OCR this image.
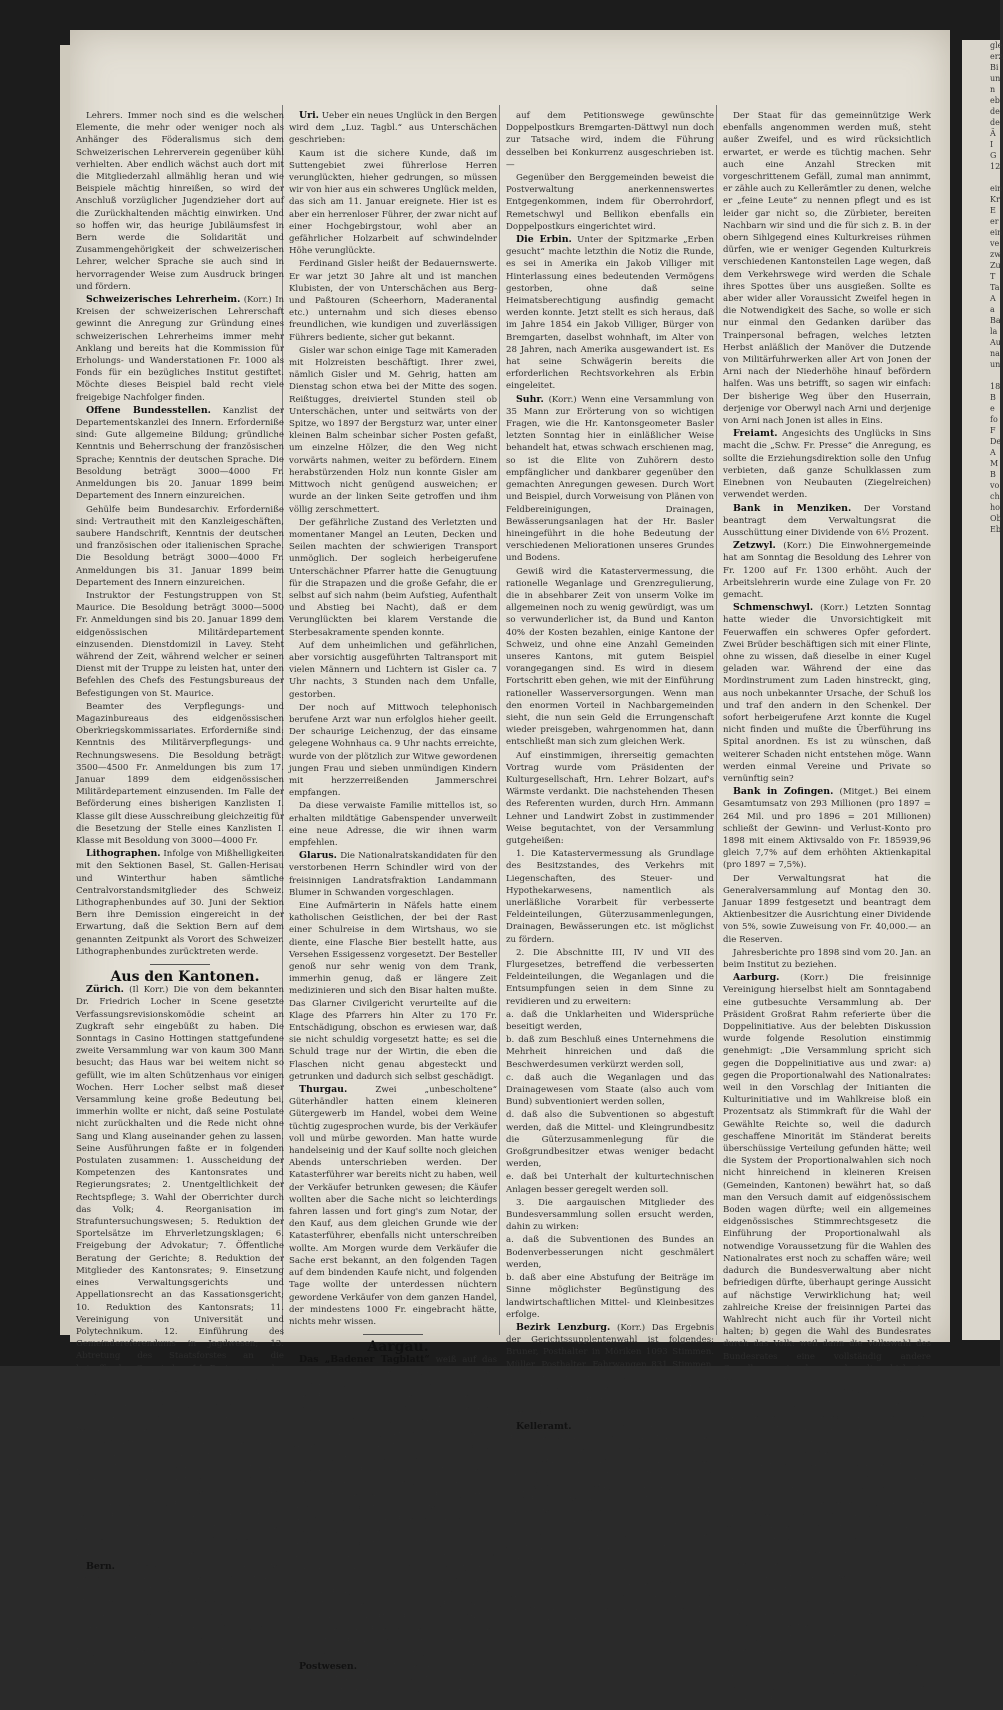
Lehrers. Immer noch sind es die welschen Elemente, die mehr oder weniger noch als Anhänger des Föderalismus sich dem Schweizerischen Lehrerverein gegenüber kühl verhielten. Aber endlich wächst auch dort mit die Mitgliederzahl allmählig heran und wie Beispiele mächtig hinreißen, so wird der Anschluß vorzüglicher Jugendzieher dort auf die Zurückhaltenden mächtig einwirken. Und so hoffen wir, das heurige Jubiläumsfest in Bern werde die Solidarität und Zusammengehörigkeit der schweizerischen Lehrer, welcher Sprache sie auch sind in hervorragender Weise zum Ausdruck bringen und fördern.

Schweizerisches Lehrerheim. (Korr.) In Kreisen der schweizerischen Lehrerschaft gewinnt die Anregung zur Gründung eines schweizerischen Lehrerheims immer mehr Anklang und bereits hat die Kommission für Erholungs- und Wanderstationen Fr. 1000 als Fonds für ein bezügliches Institut gestiftet. Möchte dieses Beispiel bald recht viele freigebige Nachfolger finden.

Offene Bundesstellen. Kanzlist der Departementskanzlei des Innern. Erforderniße sind: Gute allgemeine Bildung; gründliche Kenntnis und Beherrschung der französischen Sprache; Kenntnis der deutschen Sprache. Die Besoldung beträgt 3000—4000 Fr. Anmeldungen bis 20. Januar 1899 beim Departement des Innern einzureichen.

Gehülfe beim Bundesarchiv. Erforderniße sind: Vertrautheit mit den Kanzleigeschäften, saubere Handschrift, Kenntnis der deutschen und französischen oder italienischen Sprache. Die Besoldung beträgt 3000—4000 Fr. Anmeldungen bis 31. Januar 1899 beim Departement des Innern einzureichen.

Instruktor der Festungstruppen von St. Maurice. Die Besoldung beträgt 3000—5000 Fr. Anmeldungen sind bis 20. Januar 1899 dem eidgenössischen Militärdepartement einzusenden. Dienstdomizil in Lavey. Steht während der Zeit, während welcher er seinen Dienst mit der Truppe zu leisten hat, unter den Befehlen des Chefs des Festungsbureaus der Befestigungen von St. Maurice.

Beamter des Verpflegungs- und Magazinbureaus des eidgenössischen Oberkriegskommissariates. Erforderniße sind: Kenntnis des Militärverpflegungs- und Rechnungswesens. Die Besoldung beträgt: 3500—4500 Fr. Anmeldungen bis zum 17. Januar 1899 dem eidgenössischen Militärdepartement einzusenden. Im Falle der Beförderung eines bisherigen Kanzlisten I. Klasse gilt diese Ausschreibung gleichzeitig für die Besetzung der Stelle eines Kanzlisten I. Klasse mit Besoldung von 3000—4000 Fr.

Lithographen. Infolge von Mißhelligkeiten mit den Sektionen Basel, St. Gallen-Herisau und Winterthur haben sämtliche Centralvorstandsmitglieder des Schweiz. Lithographenbundes auf 30. Juni der Sektion Bern ihre Demission eingereicht in der Erwartung, daß die Sektion Bern auf dem genannten Zeitpunkt als Vorort des Schweizer. Lithographenbundes zurücktreten werde.

Aus den Kantonen.

Zürich. (Il Korr.) Die von dem bekannten Dr. Friedrich Locher in Scene gesetzte Verfassungsrevisionskomödie scheint an Zugkraft sehr eingebüßt zu haben. Die Sonntags in Casino Hottingen stattgefundene zweite Versammlung war von kaum 300 Mann besucht; das Haus war bei weitem nicht so gefüllt, wie im alten Schützenhaus vor einigen Wochen. Herr Locher selbst maß dieser Versammlung keine große Bedeutung bei, immerhin wollte er nicht, daß seine Postulate nicht zurückhalten und die Rede nicht ohne Sang und Klang auseinander gehen zu lassen. Seine Ausführungen faßte er in folgenden Postulaten zusammen: 1. Ausscheidung der Kompetenzen des Kantonsrates und Regierungsrates; 2. Unentgeltlichkeit der Rechtspflege; 3. Wahl der Oberrichter durch das Volk; 4. Reorganisation im Strafuntersuchungswesen; 5. Reduktion der Sportelsätze im Ehrverletzungsklagen; 6. Freigebung der Advokatur; 7. Öffentliche Beratung der Gerichte; 8. Reduktion der Mitglieder des Kantonsrates; 9. Einsetzung eines Verwaltungsgerichts und Appellationsrecht an das Kassationsgericht; 10. Reduktion des Kantonsrats; 11. Vereinigung von Universität und Polytechnikum. 12. Einführung des Gemeindereferendums in Jagdwesen; 13. Abtretung des Staatsforstes an die betreffenden Gemeinden; 14. Besteuerung des Grundeigentums zu 6% des Wertes; 15. Abschaffung der Bezirksräte.

Die Wahl des Ausschusses für die Initiativarbeit wurde auf eine dritte Versammlung verschoben.

Gewiß läßt sich über den einen oder andern Punkt reden, aber gegenwärtig fühlt man im Zürcher Volk noch zu wenig Bedürfnis für eine Änderung der Verfassung und am allerwenigsten von der Seite, von der sie jetzt angestrebt wird. Daß Herr Locher hat sich mit seinem Erfolg von 1867 verrechnet. Die Leute, die ihn zum Unglück an den Versammlungen zu sekundieren pflegen, genießen wirklich das Zutrauen nicht, das seinige Zutrauen.

Bern. Inkwyl. Die ausgedehnten Besitzungen des verstorbenen Schriftsteller Joh. von Minkwitz, Reichsgraf von Minkwitzburg, Fürst von Inkwyl (Pseudonym: Freiherr von Wellenstein), Abkömmling der Grafen von Inkwyl, deren Stammsitz in Sachsen, hat dessen Ortsvorstand um ein Neujahrsgeschenk von 200 Mark in Gold gesandt zu angemessener Verwendung.

Uri. Ueber ein neues Unglück in den Bergen wird dem „Luz. Tagbl.“ aus Unterschächen geschrieben:

Kaum ist die sichere Kunde, daß im Suttengebiet zwei führerlose Herren verunglückten, hieher gedrungen, so müssen wir von hier aus ein schweres Unglück melden, das sich am 11. Januar ereignete. Hier ist es aber ein herrenloser Führer, der zwar nicht auf einer Hochgebirgstour, wohl aber an gefährlicher Holzarbeit auf schwindelnder Höhe verunglückte.

Ferdinand Gisler heißt der Bedauernswerte. Er war jetzt 30 Jahre alt und ist manchen Klubisten, der von Unterschächen aus Berg- und Paßtouren (Scheerhorn, Maderanental etc.) unternahm und sich dieses ebenso freundlichen, wie kundigen und zuverlässigen Führers bediente, sicher gut bekannt.

Gisler war schon einige Tage mit Kameraden mit Holzreisten beschäftigt. Ihrer zwei, nämlich Gisler und M. Gehrig, hatten am Dienstag schon etwa bei der Mitte des sogen. Reißtugges, dreiviertel Stunden steil ob Unterschächen, unter und seitwärts von der Spitze, wo 1897 der Bergsturz war, unter einer kleinen Balm scheinbar sicher Posten gefaßt, um einzelne Hölzer, die den Weg nicht vorwärts nahmen, weiter zu befördern. Einem herabstürzenden Holz nun konnte Gisler am Mittwoch nicht genügend ausweichen; er wurde an der linken Seite getroffen und ihm völlig zerschmettert.

Der gefährliche Zustand des Verletzten und momentaner Mangel an Leuten, Decken und Seilen machten der schwierigen Transport unmöglich. Der sogleich herbeigerufene Unterschächner Pfarrer hatte die Genugtuung für die Strapazen und die große Gefahr, die er selbst auf sich nahm (beim Aufstieg, Aufenthalt und Abstieg bei Nacht), daß er dem Verunglückten bei klarem Verstande die Sterbesakramente spenden konnte.

Auf dem unheimlichen und gefährlichen, aber vorsichtig ausgeführten Taltransport mit vielen Männern und Lichtern ist Gisler ca. 7 Uhr nachts, 3 Stunden nach dem Unfalle, gestorben.

Der noch auf Mittwoch telephonisch berufene Arzt war nun erfolglos hieher geeilt. Der schaurige Leichenzug, der das einsame gelegene Wohnhaus ca. 9 Uhr nachts erreichte, wurde von der plötzlich zur Witwe gewordenen jungen Frau und sieben unmündigen Kindern mit herzzerreißenden Jammerschrei empfangen.

Da diese verwaiste Familie mittellos ist, so erhalten mildtätige Gabenspender unverweilt eine neue Adresse, die wir ihnen warm empfehlen.

Glarus. Die Nationalratskandidaten für den verstorbenen Herrn Schindler wird von der freisinnigen Landratsfraktion Landammann Blumer in Schwanden vorgeschlagen.

Eine Aufmärterin in Näfels hatte einem katholischen Geistlichen, der bei der Rast einer Schulreise in dem Wirtshaus, wo sie diente, eine Flasche Bier bestellt hatte, aus Versehen Essigessenz vorgesetzt. Der Besteller genoß nur sehr wenig von dem Trank, immerhin genug, daß er längere Zeit medizinieren und sich den Bisar halten mußte. Das Glarner Civilgericht verurteilte auf die Klage des Pfarrers hin Alter zu 170 Fr. Entschädigung, obschon es erwiesen war, daß sie nicht schuldig vorgesetzt hatte; es sei die Schuld trage nur der Wirtin, die eben die Flaschen nicht genau abgesteckt und getrunken und dadurch sich selbst geschädigt.

Thurgau.	Zwei „unbescholtene“ Güterhändler hatten einem kleineren Gütergewerb im Handel, wobei dem Weine tüchtig zugesprochen wurde, bis der Verkäufer voll und mürbe geworden. Man hatte wurde handelseinig und der Kauf sollte noch gleichen Abends unterschrieben werden. Der Katasterführer war bereits nicht zu haben, weil der Verkäufer betrunken gewesen; die Käufer wollten aber die Sache nicht so leichterdings fahren lassen und fort ging's zum Notar, der den Kauf, aus dem gleichen Grunde wie der Katasterführer, ebenfalls nicht unterschreiben wollte. Am Morgen wurde dem Verkäufer die Sache erst bekannt, an den folgenden Tagen auf dem bindenden Kaufe nicht, und folgenden Tage wollte der unterdessen nüchtern gewordene Verkäufer von dem ganzen Handel, der mindestens 1000 Fr. eingebracht hätte, nichts mehr wissen.

Aargau.

Das „Badener Tagblatt“ weiß auf das Sachliche unserer Zurechtweisung vom letzten Samstag nicht genau zu antworten, als mit einer Flut persönlicher Beschimpfungen, die uns von dieser Seite, von der nichts anderes zu erwarten stand, völlig kalt lassen.

Die neueste Weisheit des „Bad. Tagbl.“ besteht in dem Satze: „Was wir im Rheinkreise tun, das ist für die „Aarg. Nachr.“ nichts an.“ So; wenn also Herr Nationalrat Baldinger in einer Volksversammlung erklärt, er sei für die Doppelinitiative, weil sie einen Fortschritt im freisinnig-demokratischen Partei richte, so geht das außerhalb des Rheinkreises Niemand etwas an? Gibt es denn nur dort eine freisinnig-demokratische Partei? Die Aeußerung des Hrn. Baldinger hat nicht bloß in Aarau, sondern auch außerhalb des Kantons interessiert; darum durfte man auch fragen, was die Freisinnigen des Rheinkreises dazu sagen. Es ist aber nicht ganz im „Bad. Tagbl.“ die Erklärung des Hrn. Baldinger müßte die Freisinnigen des Rheinkreises zum Aufsehen rufen. Die Baden'schen Ultramontane sind gegen waren also ganz überflüssig.

Postwesen. Eine Verbesserung hat die Postroute Bremgarten-Dättwil-Baden erfahren, indem das Postbureau Dättwil ab erstichtlich, daß der im Frühjahr 1898

auf dem Petitionswege gewünschte Doppelpostkurs Bremgarten-Dättwyl nun doch zur Tatsache wird, indem die Führung desselben bei Konkurrenz ausgeschrieben ist. —

Gegenüber den Berggemeinden beweist die Postverwaltung anerkennenswertes Entgegenkommen, indem für Oberrohrdorf, Remetschwyl und Bellikon ebenfalls ein Doppelpostkurs eingerichtet wird.

Die Erbin. Unter der Spitzmarke „Erben gesucht“ machte letzthin die Notiz die Runde, es sei in Amerika ein Jakob Villiger mit Hinterlassung eines bedeutenden Vermögens gestorben, ohne daß seine Heimatsberechtigung ausfindig gemacht werden konnte. Jetzt stellt es sich heraus, daß im Jahre 1854 ein Jakob Villiger, Bürger von Bremgarten, daselbst wohnhaft, im Alter von 28 Jahren, nach Amerika ausgewandert ist. Es hat seine Schwägerin bereits die erforderlichen Rechtsvorkehren als Erbin eingeleitet.

Suhr. (Korr.) Wenn eine Versammlung von 35 Mann zur Erörterung von so wichtigen Fragen, wie die Hr. Kantonsgeometer Basler letzten Sonntag hier in einläßlicher Weise behandelt hat, etwas schwach erschienen mag, so ist die Elite von Zuhörern desto empfänglicher und dankbarer gegenüber den gemachten Anregungen gewesen. Durch Wort und Beispiel, durch Vorweisung von Plänen von Feldbereinigungen, Drainagen, Bewässerungsanlagen hat der Hr. Basler hineingeführt in die hohe Bedeutung der verschiedenen Meliorationen unseres Grundes und Bodens.

Gewiß wird die Katastervermessung, die rationelle Weganlage und Grenzregulierung, die in absehbarer Zeit von unserm Volke im allgemeinen noch zu wenig gewürdigt, was um so verwunderlicher ist, da Bund und Kanton 40% der Kosten bezahlen, einige Kantone der Schweiz, und ohne eine Anzahl Gemeinden unseres Kantons, mit gutem Beispiel vorangegangen sind. Es wird in diesem Fortschritt eben gehen, wie mit der Einführung rationeller Wasserversorgungen. Wenn man den enormen Vorteil in Nachbargemeinden sieht, die nun sein Geld die Errungenschaft wieder preisgeben, wahrgenommen hat, dann entschließt man sich zum gleichen Werk.

Auf einstimmigen, ihrerseitig gemachten Vortrag wurde vom Präsidenten der Kulturgesellschaft, Hrn. Lehrer Bolzart, auf's Wärmste verdankt. Die nachstehenden Thesen des Referenten wurden, durch Hrn. Ammann Lehner und Landwirt Zobst in zustimmender Weise begutachtet, von der Versammlung gutgeheißen:

1. Die Katastervermessung als Grundlage des Besitzstandes, des Verkehrs mit Liegenschaften, des Steuer- und Hypothekarwesens, namentlich als unerläßliche Vorarbeit für verbesserte Feldeinteilungen, Güterzusammenlegungen, Drainagen, Bewässerungen etc. ist möglichst zu fördern.

2. Die Abschnitte III, IV und VII des Flurgesetzes, betreffend die verbesserten Feldeinteilungen, die Weganlagen und die Entsumpfungen seien in dem Sinne zu revidieren und zu erweitern:

a. daß die Unklarheiten und Widersprüche beseitigt werden,

b. daß zum Beschluß eines Unternehmens die Mehrheit hinreichen und daß die Beschwerdesumen verkürzt werden soll,

c. daß auch die Weganlagen und das Drainagewesen vom Staate (also auch vom Bund) subventioniert werden sollen,

d. daß also die Subventionen so abgestuft werden, daß die Mittel- und Kleingrundbesitz die Güterzusammenlegung für die Großgrundbesitzer etwas weniger bedacht werden,

e. daß bei Unterhalt der kulturtechnischen Anlagen besser geregelt werden soll.

3. Die aargauischen Mitglieder des Bundesversammlung sollen ersucht werden, dahin zu wirken:

a. daß die Subventionen des Bundes an Bodenverbesserungen nicht geschmälert werden,

b. daß aber eine Abstufung der Beiträge im Sinne möglichster Begünstigung des landwirtschaftlichen Mittel- und Kleinbesitzes erfolge.

Bezirk Lenzburg. (Korr.) Das Ergebnis der Gerichtssupplentenwahl ist folgendes: Bruner, Posthalter in Möriken 1093 Stimmen. Müller, Posthalter, Fahrwangen 831 Stimmen. Senn, gew. Ammann, Alliswyl 583 Stimmen. Döbeli, Verwalter in Seon 276 Stimmen. Es ist somit nur der Erstgenannte gewählt, der Zweite kommt in eine Stichwahl.

Kelleramt. (Korr.) Nachdem es dem Holzbirrenbergern nach vielen Bemühungen endlich einmal gelungen ist, durch Anlage der sogen. Magronenstraße — (so genannt, weil die daran beschäftigten Italiener sich hauptsächlich von Maccaroni ernährt haben), nach Bremgarten eine bessere Verbindung mit dem Osten und Westen zu erhalten, und es dem noch nicht so bald an die Reihe kommt, macht sich die Gemeinde Arni Anstrengungen zur Erlangung einer zeitgemäßen Verbindung mit der Station Jonen hin, mit gleichzeitiger Fortführung, bessern Verkehr mit der Gemeinde Jonen. Die einleitenden Schritte sind bereits getan, d. h. ein bezügliches Gesuch ist der Tit. Baudirektion eingereicht worden. Der dazu nötige Fonds ist in Jonen bereits vorhanden.

Der Staat für das gemeinnützige Werk ebenfalls angenommen werden muß, steht außer Zweifel, und es wird rücksichtlich erwartet, er werde es tüchtig machen. Sehr auch eine Anzahl Strecken mit vorgeschrittenem Gefäll, zumal man annimmt, er zähle auch zu Kellerämtler zu denen, welche er „feine Leute“ zu nennen pflegt und es ist leider gar nicht so, die Zürbieter, bereiten Nachbarn wir sind und die für sich z. B. in der obern Sihlgegend eines Kulturkreises rühmen dürfen, wie er weniger Gegenden Kulturkreis verschiedenen Kantonsteilen Lage wegen, daß dem Verkehrswege wird werden die Schale ihres Spottes über uns ausgießen. Sollte es aber wider aller Voraussicht Zweifel hegen in die Notwendigkeit des Sache, so wolle er sich nur einmal den Gedanken darüber das Trainpersonal befragen, welches letzten Herbst anläßlich der Manöver die Dutzende von Militärfuhrwerken aller Art von Jonen der Arni nach der Niederhöhe hinauf befördern halfen. Was uns betrifft, so sagen wir einfach: Der bisherige Weg über den Huserrain, derjenige vor Oberwyl nach Arni und derjenige von Arni nach Jonen ist alles in Eins.

Freiamt. Angesichts des Unglücks in Sins macht die „Schw. Fr. Presse“ die Anregung, es sollte die Erziehungsdirektion solle den Unfug verbieten, daß ganze Schulklassen zum Einebnen von Neubauten (Ziegelreichen) verwendet werden.

Bank in Menziken. Der Vorstand beantragt dem Verwaltungsrat die Ausschüttung einer Dividende von 6½ Prozent.

Zetzwyl. (Korr.) Die Einwohnergemeinde hat am Sonntag die Besoldung des Lehrer von Fr. 1200 auf Fr. 1300 erhöht. Auch der Arbeitslehrerin wurde eine Zulage von Fr. 20 gemacht.

Schmenschwyl. (Korr.) Letzten Sonntag hatte wieder die Unvorsichtigkeit mit Feuerwaffen ein schweres Opfer gefordert. Zwei Brüder beschäftigen sich mit einer Flinte, ohne zu wissen, daß dieselbe in einer Kugel geladen war. Während der eine das Mordinstrument zum Laden hinstreckt, ging, aus noch unbekannter Ursache, der Schuß los und traf den andern in den Schenkel. Der sofort herbeigerufene Arzt konnte die Kugel nicht finden und mußte die Überführung ins Spital anordnen. Es ist zu wünschen, daß weiterer Schaden nicht entstehen möge. Wann werden einmal Vereine und Private so vernünftig sein?

Bank in Zofingen. (Mitget.) Bei einem Gesamtumsatz von 293 Millionen (pro 1897 = 264 Mil. und pro 1896 = 201 Millionen) schließt der Gewinn- und Verlust-Konto pro 1898 mit einem Aktivsaldo von Fr. 185939,96 gleich 7,7% auf dem erhöhten Aktienkapital (pro 1897 = 7,5%).

Der Verwaltungsrat hat die Generalversammlung auf Montag den 30. Januar 1899 festgesetzt und beantragt dem Aktienbesitzer die Ausrichtung einer Dividende von 5%, sowie Zuweisung von Fr. 40,000.— an die Reserven.

Jahresberichte pro 1898 sind vom 20. Jan. an beim Institut zu beziehen.

Aarburg. (Korr.) Die freisinnige Vereinigung hierselbst hielt am Sonntagabend eine gutbesuchte Versammlung ab. Der Präsident Großrat Rahm referierte über die Doppelinitiative. Aus der belebten Diskussion wurde folgende Resolution einstimmig genehmigt: „Die Versammlung spricht sich gegen die Doppelinitiative aus und zwar: a) gegen die Proportionalwahl des Nationalrates: weil in den Vorschlag der Initianten die Kulturinitiative und im Wahlkreise bloß ein Prozentsatz als Stimmkraft für die Wahl der Gewählte Reichte so, weil die dadurch geschaffene Minorität im Ständerat bereits überschüssige Verteilung gefunden hätte; weil die System der Proportionalwahlen sich noch nicht hinreichend in kleineren Kreisen (Gemeinden, Kantonen) bewährt hat, so daß man den Versuch damit auf eidgenössischem Boden wagen dürfte; weil ein allgemeines eidgenössisches Stimmrechtsgesetz die Einführung der Proportionalwahl als notwendige Voraussetzung für die Wahlen des Nationalrates erst noch zu schaffen wäre; weil dadurch die Bundesverwaltung aber nicht befriedigen dürfte, überhaupt geringe Aussicht auf nächstige Verwirklichung hat; weil zahlreiche Kreise der freisinnigen Partei das Wahlrecht nicht auch für ihr Vorteil nicht halten; b) gegen die Wahl des Bundesrates durch das Volk: weil dann die Volkswahl des Bundesrates eine vollständig andere Grundlage einnehme, als die bisherige Verteilung, nachdem die Souveränität im Bundesstaat zwischen Schweizervolk und Stände geteilt ist, die Übertragung der Wahl der obersten Bundesexekutive an den einen Faktor, das Volk, allein eine Verschiebung der Grundlagen unserer Bundesrates vorstellen würde, daß dies die Gesamtrevision der Bundesverfassung bedürfe, sowie sie unter den gegenwärtig nicht zu unnötige Anlaß vorliegt, die Lösung der Frage zu behandeln.“

Großrat Lüscher bezweifelt das Verlangen des Schweizervolks nach einer Änderung des Wahlrechtes des Bundesrates könne. Es sei das gute Verhältnis mit den Welschen in die Brüche gehen; die Geltliebe einem Volk sehr seit kurzem begeistert.

Der Genannte referierte sodann über die Drahtbrückenfrage, die durch Ablauf der bisherigen Konzession akut geworden ist. Seit einem Jahrzehnt wird ein Neubau dieser Brücke angestrebt, aber unglückliche Konjunkturen (Krach im Kt. Solothurn etc.) auf bessere Zeiten verlegt. Es kann sich für die Gemeinde nun aber um eine Parabelbrücke, die ca. 93,000 Fr. oder eine solche mit Bogenbrücke, die auf Fr. 85—90,000 zu stehen käme. Die Finan-

gle
erz
Bi
un
n
eb
de
de
Ä
I
G
12

ein
Kr
E
er
ein
ve
zw
Zu
T
Ta
A
a
Ba
la
Au
na
un

18
B
e
fo
F
De
A
M
B
vo
ch
ho
Ob
Eb
